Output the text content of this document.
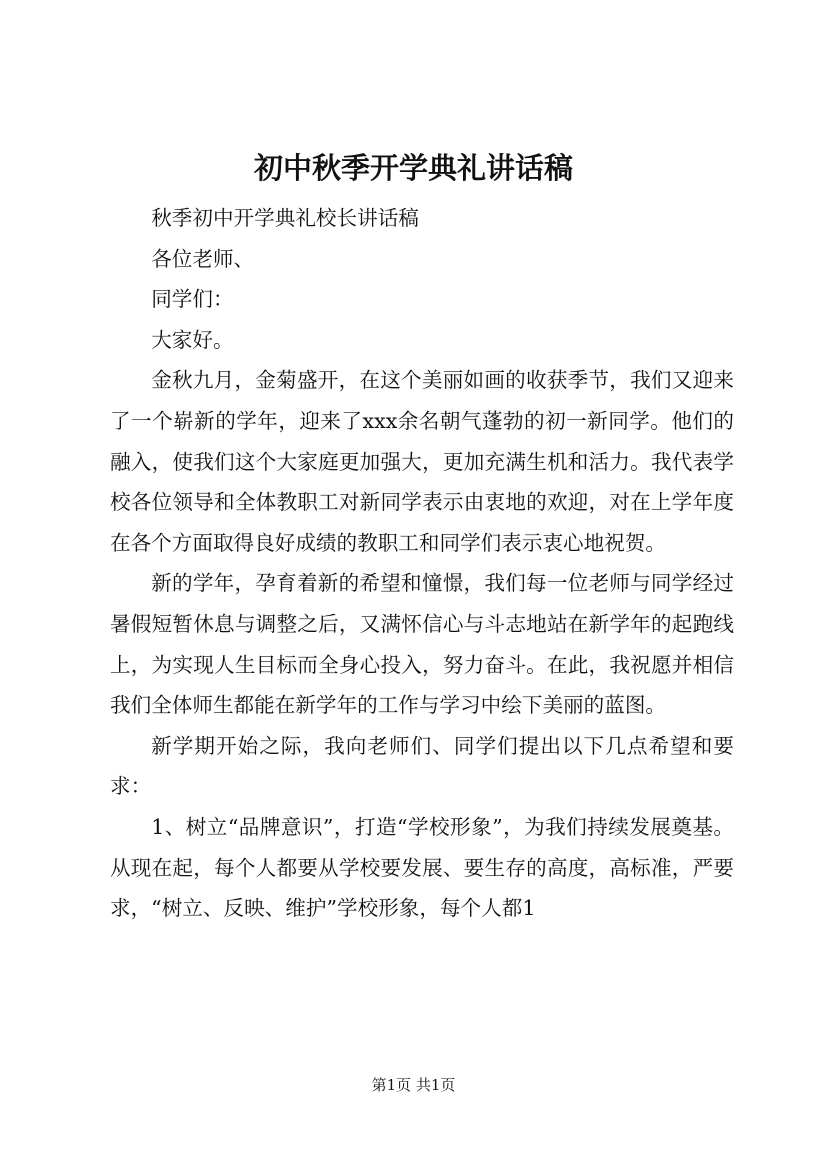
初中秋季开学典礼讲话稿

秋季初中开学典礼校长讲话稿

各位老师、

同学们：

大家好。

金秋九月，金菊盛开，在这个美丽如画的收获季节，我们又迎来了一个崭新的学年，迎来了xxx余名朝气蓬勃的初一新同学。他们的融入，使我们这个大家庭更加强大，更加充满生机和活力。我代表学校各位领导和全体教职工对新同学表示由衷地的欢迎，对在上学年度在各个方面取得良好成绩的教职工和同学们表示衷心地祝贺。

新的学年，孕育着新的希望和憧憬，我们每一位老师与同学经过暑假短暂休息与调整之后，又满怀信心与斗志地站在新学年的起跑线上，为实现人生目标而全身心投入，努力奋斗。在此，我祝愿并相信我们全体师生都能在新学年的工作与学习中绘下美丽的蓝图。

新学期开始之际，我向老师们、同学们提出以下几点希望和要求：

1、树立“品牌意识”，打造“学校形象”，为我们持续发展奠基。从现在起，每个人都要从学校要发展、要生存的高度，高标准，严要求，“树立、反映、维护”学校形象，每个人都1

第1页 共1页
